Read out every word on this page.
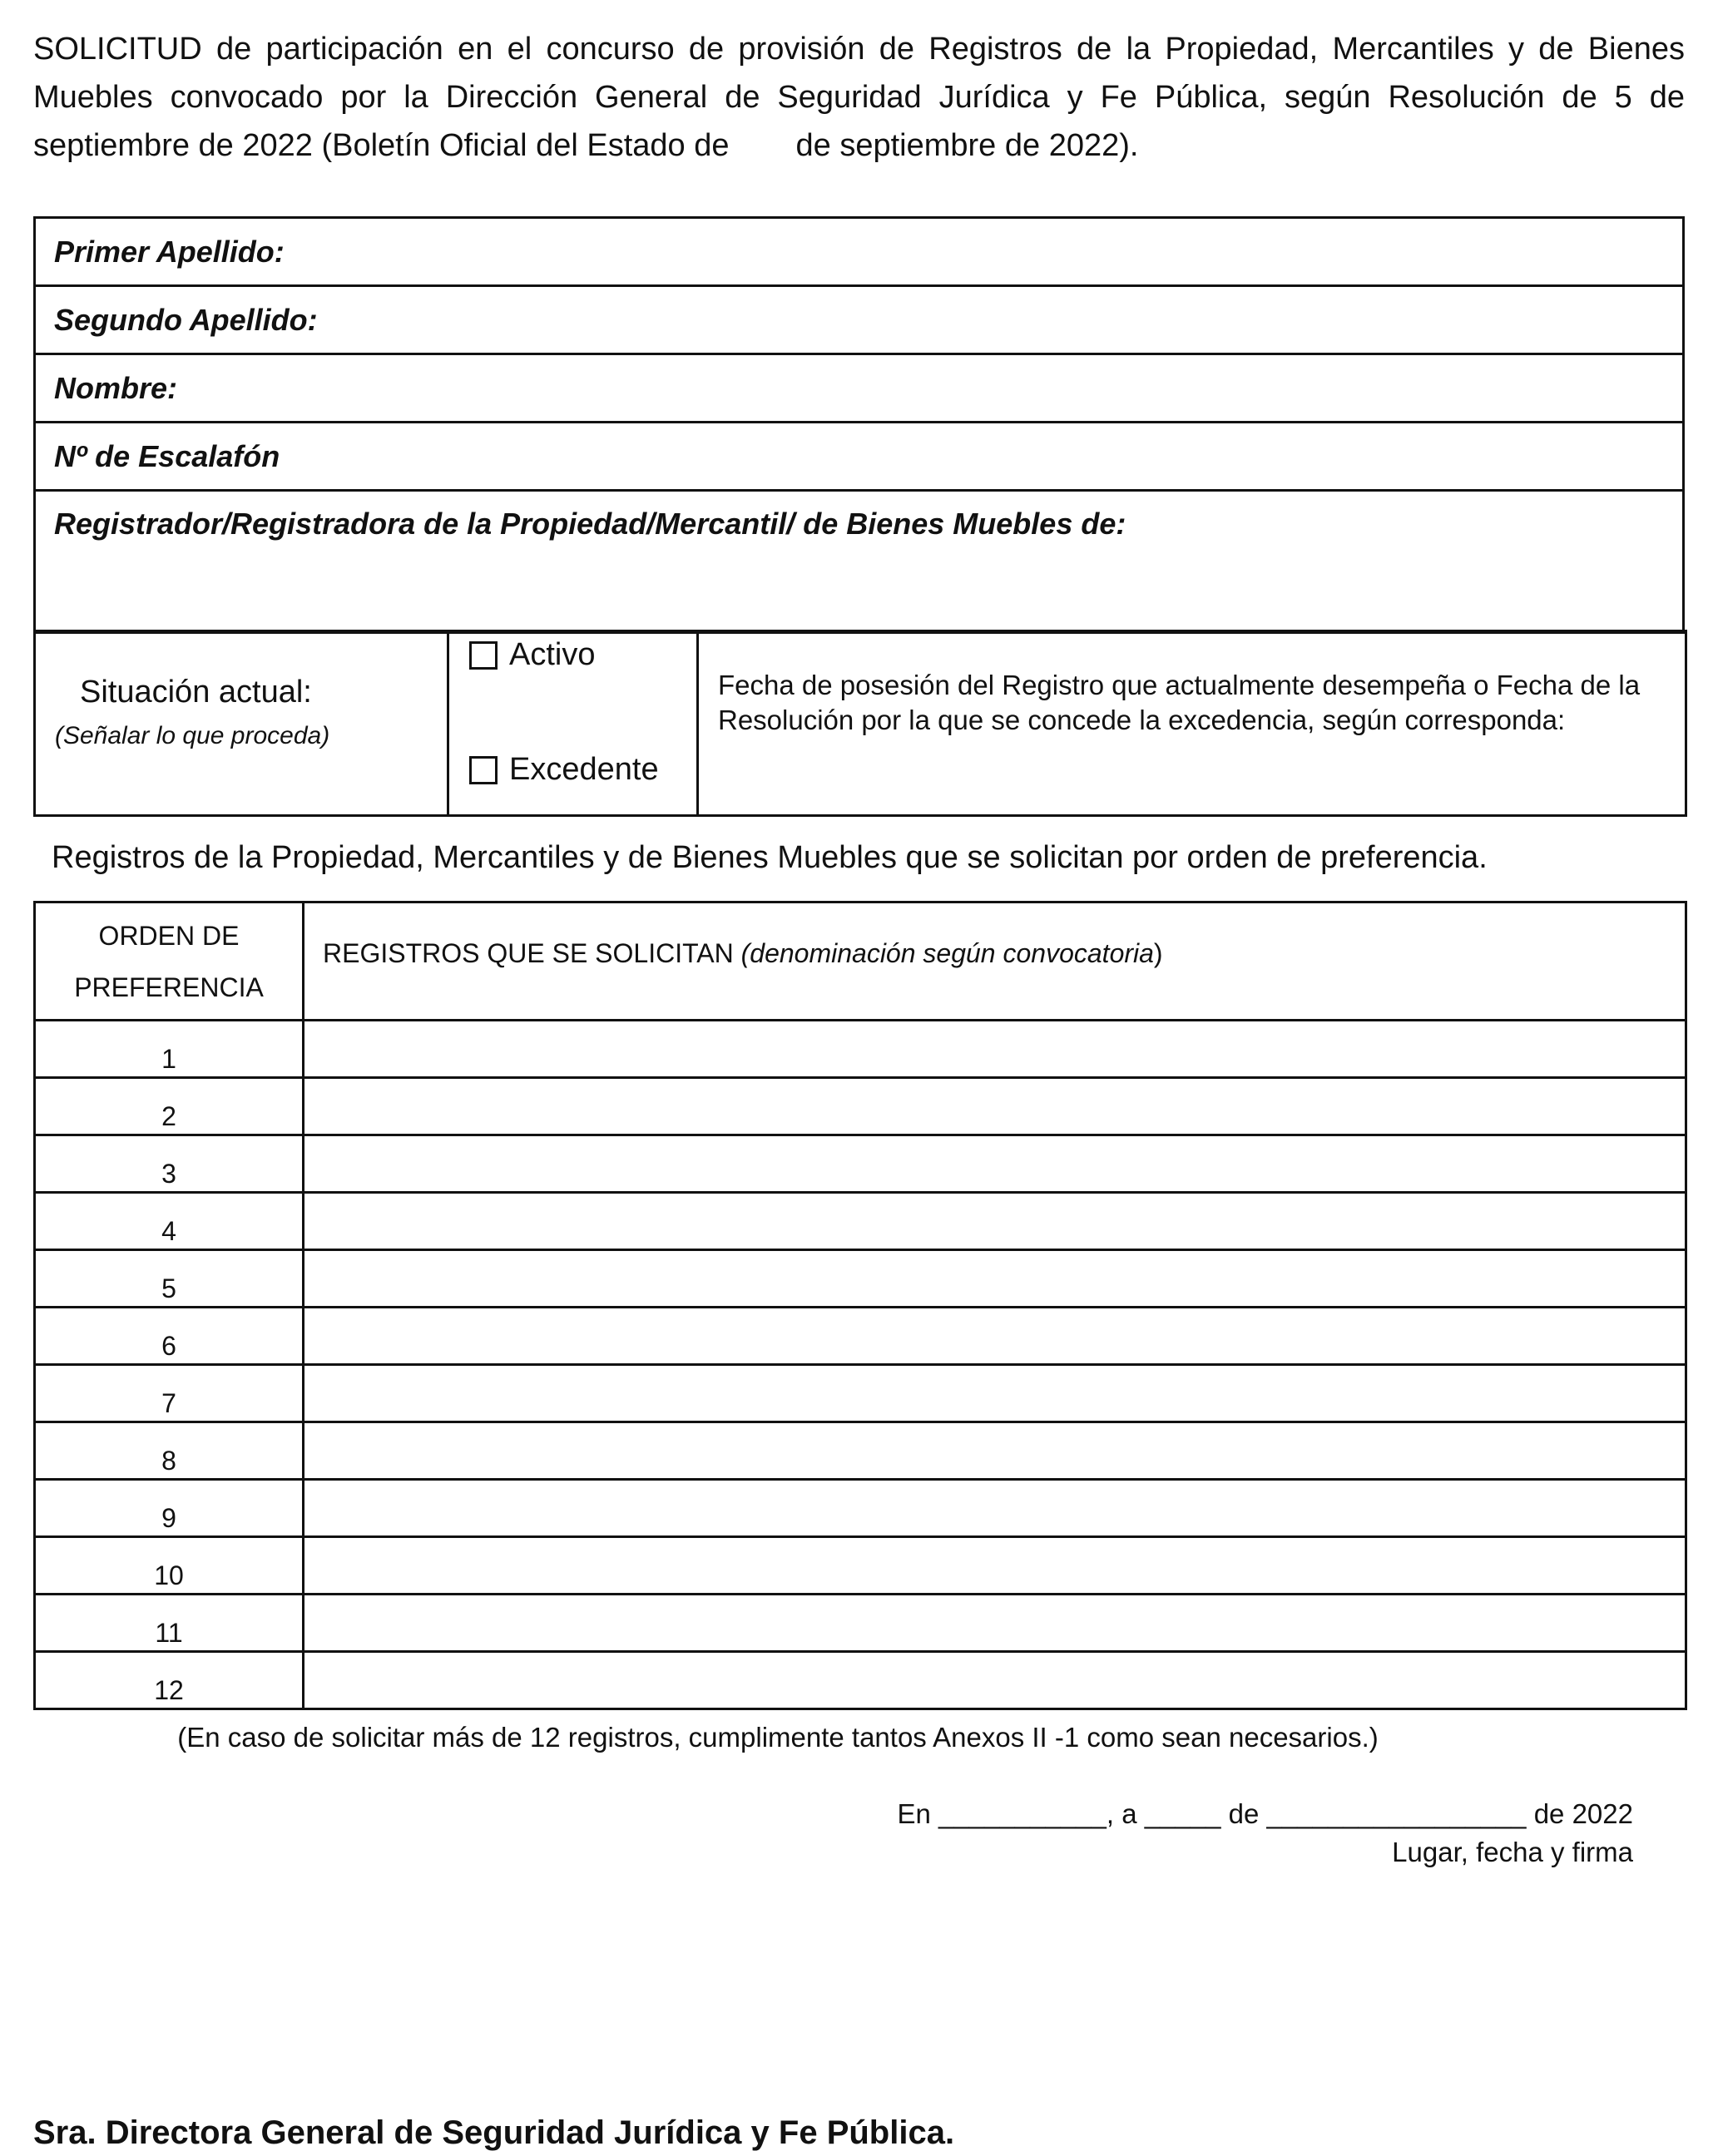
SOLICITUD de participación en el concurso de provisión de Registros de la Propiedad, Mercantiles y de Bienes Muebles convocado por la Dirección General de Seguridad Jurídica y Fe Pública, según Resolución de 5 de septiembre de 2022 (Boletín Oficial del Estado de de septiembre de 2022).

Primer Apellido:
Segundo Apellido:
Nombre:
Nº de Escalafón
Registrador/Registradora de la Propiedad/Mercantil/ de Bienes Muebles de:
Situación actual:
(Señalar lo que proceda)

Activo
Excedente

Fecha de posesión del Registro que actualmente desempeña o Fecha de la Resolución por la que se concede la excedencia, según corresponda:
Registros de la Propiedad, Mercantiles y de Bienes Muebles que se solicitan por orden de preferencia.
ORDEN DE
PREFERENCIA	REGISTROS QUE SE SOLICITAN (denominación según convocatoria)
1	
2	
3	
4	
5	
6	
7	
8	
9	
10	
11	
12	
(En caso de solicitar más de 12 registros, cumplimente tantos Anexos II -1 como sean necesarios.)
En ___________, a _____ de _________________ de 2022
Lugar, fecha y firma
Sra. Directora General de Seguridad Jurídica y Fe Pública.
